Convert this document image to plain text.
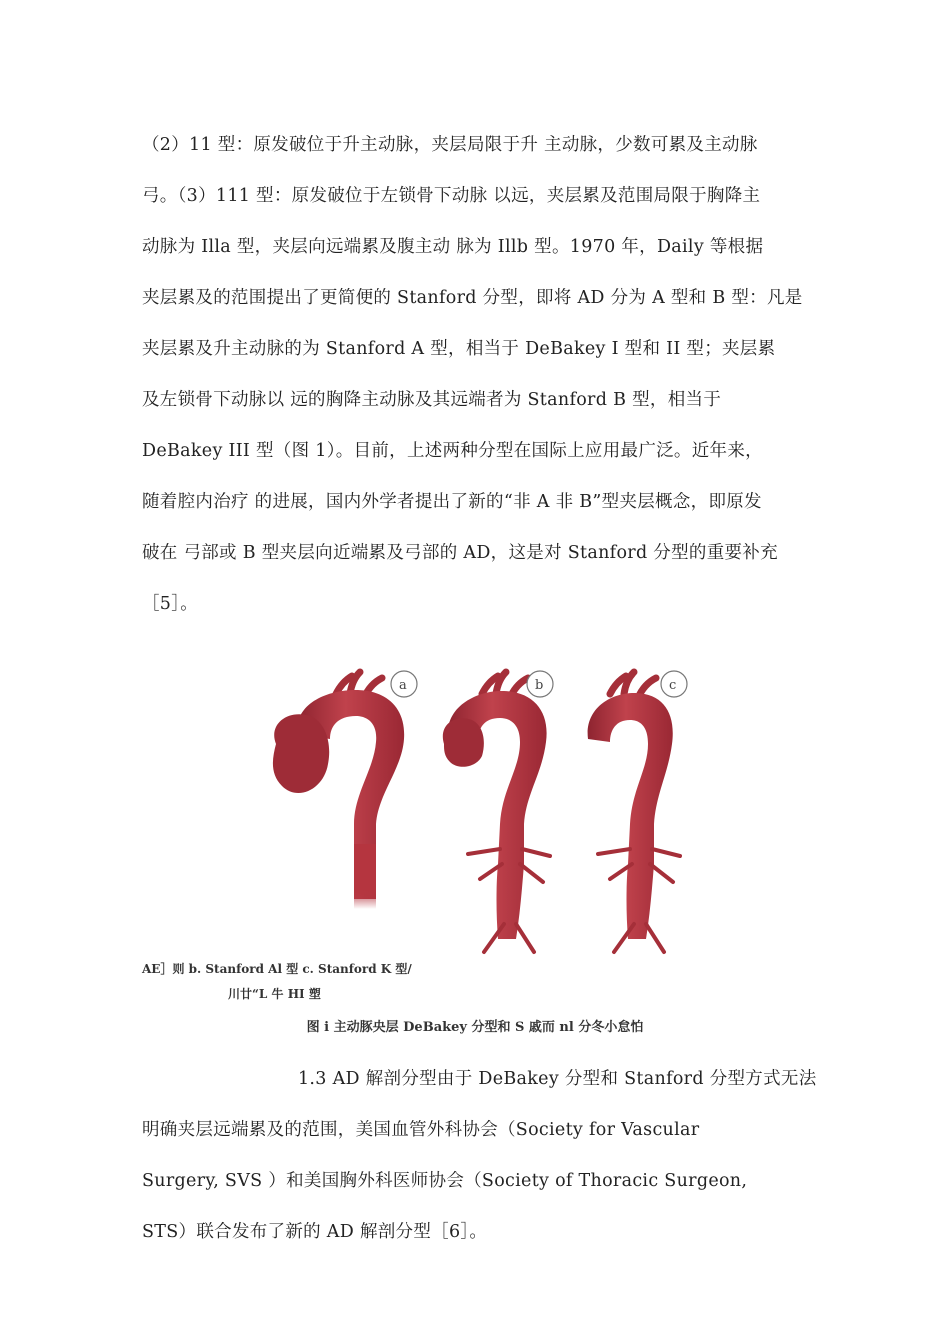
（2）11 型：原发破位于升主动脉，夹层局限于升 主动脉，少数可累及主动脉
弓。（3）111 型：原发破位于左锁骨下动脉 以远，夹层累及范围局限于胸降主
动脉为 Illa 型，夹层向远端累及腹主动 脉为 Illb 型。1970 年，Daily 等根据
夹层累及的范围提出了更简便的 Stanford 分型，即将 AD 分为 A 型和 B 型：凡是
夹层累及升主动脉的为 Stanford A 型，相当于 DeBakey I 型和 II 型；夹层累
及左锁骨下动脉以 远的胸降主动脉及其远端者为 Stanford B 型，相当于
DeBakey III 型（图 1）。目前，上述两种分型在国际上应用最广泛。近年来，
随着腔内治疗 的进展，国内外学者提出了新的“非 A 非 B”型夹层概念，即原发
破在 弓部或 B 型夹层向近端累及弓部的 AD，这是对 Stanford 分型的重要补充
［5］。
a	b	c
AE］则 b. Stanford Al 型 c. Stanford K 型/
川廿“L 牛 HI 塑
图 i 主动豚央层 DeBakey 分型和 S 戚而 nl 分冬小怠怕
1.3 AD 解剖分型由于 DeBakey 分型和 Stanford 分型方式无法
明确夹层远端累及的范围，美国血管外科协会（Society for Vascular
Surgery, SVS ）和美国胸外科医师协会（Society of Thoracic Surgeon,
STS）联合发布了新的 AD 解剖分型［6］。
